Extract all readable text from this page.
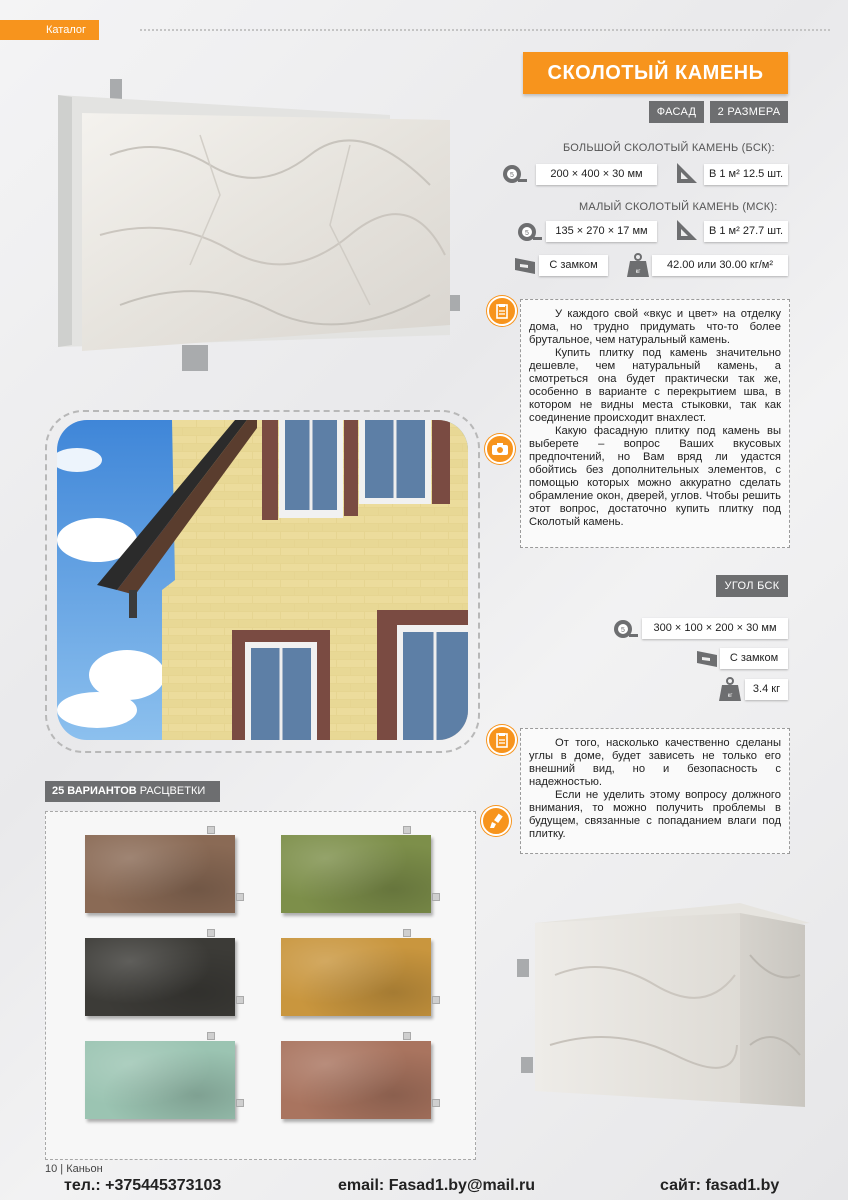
Каталог
СКОЛОТЫЙ КАМЕНЬ
ФАСАД	2 РАЗМЕРА
БОЛЬШОЙ СКОЛОТЫЙ КАМЕНЬ (БСК):
5	200 × 400 × 30 мм	В 1 м² 12.5 шт.
МАЛЫЙ СКОЛОТЫЙ КАМЕНЬ (МСК):
5	135 × 270 × 17 мм	В 1 м² 27.7 шт.
С замком
кг
42.00 или 30.00 кг/м²

У каждого свой «вкус и цвет» на отделку дома, но трудно придумать что-то более брутальное, чем натуральный камень.

Купить плитку под камень значительно дешевле, чем натуральный камень, а смотреться она будет практически так же, особенно в варианте с перекрытием шва, в котором не видны места стыковки, так как соединение происходит внахлест.

Какую фасадную плитку под камень вы выберете – вопрос Ваших вкусовых предпочтений, но Вам вряд ли удастся обойтись без дополнительных элементов, с помощью которых можно аккуратно сделать обрамление окон, дверей, углов. Чтобы решить этот вопрос, достаточно купить плитку под Сколотый камень.

УГОЛ БСК
5	300 × 100 × 200 × 30 мм
С замком
кг
3.4 кг

От того, насколько качественно сделаны углы в доме, будет зависеть не только его внешний вид, но и безопасность с надежностью.

Если не уделить этому вопросу должного внимания, то можно получить проблемы в будущем, связанные с попаданием влаги под плитку.

25 ВАРИАНТОВ РАСЦВЕТКИ
10 | Каньон
тел.: +375445373103	email: Fasad1.by@mail.ru	сайт: fasad1.by
